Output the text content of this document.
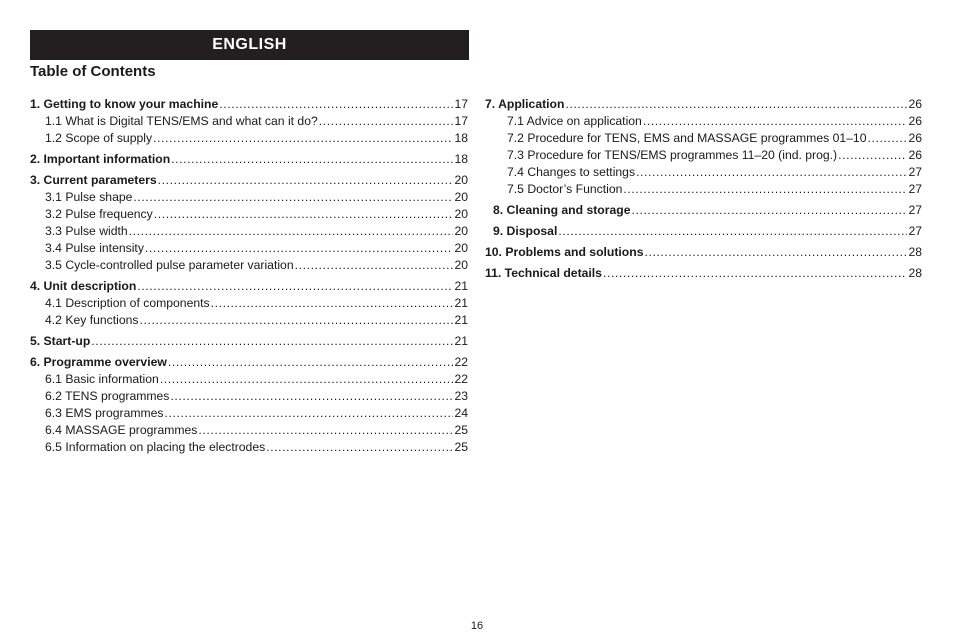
ENGLISH
Table of Contents
1. Getting to know your machine .....	17
1.1 What is Digital TENS/EMS and what can it do? .....	17
1.2 Scope of supply .....	18
2. Important information .....	18
3. Current parameters .....	20
3.1 Pulse shape .....	20
3.2 Pulse frequency .....	20
3.3 Pulse width .....	20
3.4 Pulse intensity .....	20
3.5 Cycle-controlled pulse parameter variation .....	20
4. Unit description .....	21
4.1 Description of components .....	21
4.2 Key functions .....	21
5. Start-up .....	21
6. Programme overview .....	22
6.1 Basic information .....	22
6.2 TENS programmes .....	23
6.3 EMS programmes .....	24
6.4 MASSAGE programmes .....	25
6.5 Information on placing the electrodes .....	25
7. Application .....	26
7.1 Advice on application .....	26
7.2 Procedure for TENS, EMS and MASSAGE programmes 01–10 .....	26
7.3 Procedure for TENS/EMS programmes 11–20 (ind. prog.) .....	26
7.4 Changes to settings .....	27
7.5 Doctor’s Function .....	27
8. Cleaning and storage .....	27
9. Disposal .....	27
10. Problems and solutions .....	28
11. Technical details .....	28
16
